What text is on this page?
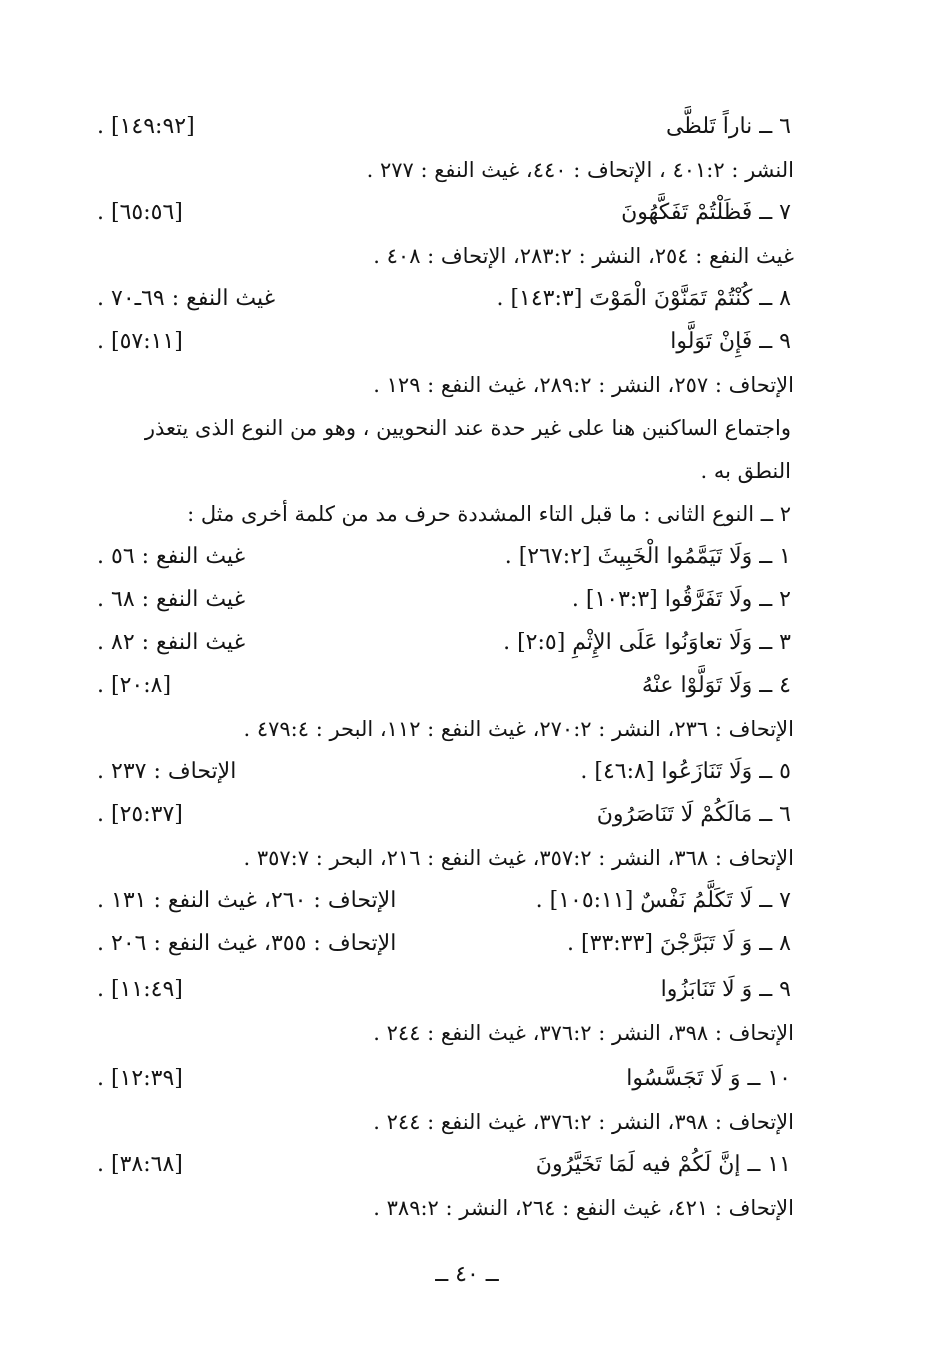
٦ ــ ناراً تَلظَّى
[١٤٩:٩٢] .
النشر : ٤٠١:٢ ، الإتحاف : ٤٤٠، غيث النفع : ٢٧٧ .
٧ ــ فَظَلْتُمْ تَفَكَّهُونَ
[٦٥:٥٦] .
غيث النفع : ٢٥٤، النشر : ٢٨٣:٢، الإتحاف : ٤٠٨ .
٨ ــ كُنْتُمْ تَمَنَّوْنَ الْمَوْتَ [١٤٣:٣] .
غيث النفع : ٦٩ـ٧٠ .
٩ ــ فَإِنْ تَوَلَّوا
[٥٧:١١] .
الإتحاف : ٢٥٧، النشر : ٢٨٩:٢، غيث النفع : ١٢٩ .
واجتماع الساكنين هنا على غير حدة عند النحويين ، وهو من النوع الذى يتعذر
النطق به .
٢ ــ النوع الثانى : ما قبل التاء المشددة حرف مد من كلمة أخرى مثل :
١ ــ وَلَا تَيَمَّمُوا الْخَبِيثَ [٢٦٧:٢] .
غيث النفع : ٥٦ .
٢ ــ ولَا تَفَرَّقُوا [١٠٣:٣] .
غيث النفع : ٦٨ .
٣ ــ وَلَا تعاوَنُوا عَلَى الإِثْمِ [٢:٥] .
غيث النفع : ٨٢ .
٤ ــ وَلَا تَوَلَّوْا عنْهُ
[٢٠:٨] .
الإتحاف : ٢٣٦، النشر : ٢٧٠:٢، غيث النفع : ١١٢، البحر : ٤٧٩:٤ .
٥ ــ وَلَا تَنَازَعُوا [٤٦:٨] .
الإتحاف : ٢٣٧ .
٦ ــ مَالَكُمْ لَا تَنَاصَرُونَ
[٢٥:٣٧] .
الإتحاف : ٣٦٨، النشر : ٣٥٧:٢، غيث النفع : ٢١٦، البحر : ٣٥٧:٧ .
٧ ــ لَا تَكَلَّمُ نَفْسٌ [١٠٥:١١] .
الإتحاف : ٢٦٠، غيث النفع : ١٣١ .
٨ ــ وَ لَا تَبَرَّجْنَ [٣٣:٣٣] .
الإتحاف : ٣٥٥، غيث النفع : ٢٠٦ .
٩ ــ وَ لَا تَنَابَزُوا
[١١:٤٩] .
الإتحاف : ٣٩٨، النشر : ٣٧٦:٢، غيث النفع : ٢٤٤ .
١٠ ــ وَ لَا تَجَسَّسُوا
[١٢:٣٩] .
الإتحاف : ٣٩٨، النشر : ٣٧٦:٢، غيث النفع : ٢٤٤ .
١١ ــ إنَّ لَكُمْ فيه لَمَا تَخَيَّرُونَ
[٣٨:٦٨] .
الإتحاف : ٤٢١، غيث النفع : ٢٦٤، النشر : ٣٨٩:٢ .
ــ ٤٠ ــ
